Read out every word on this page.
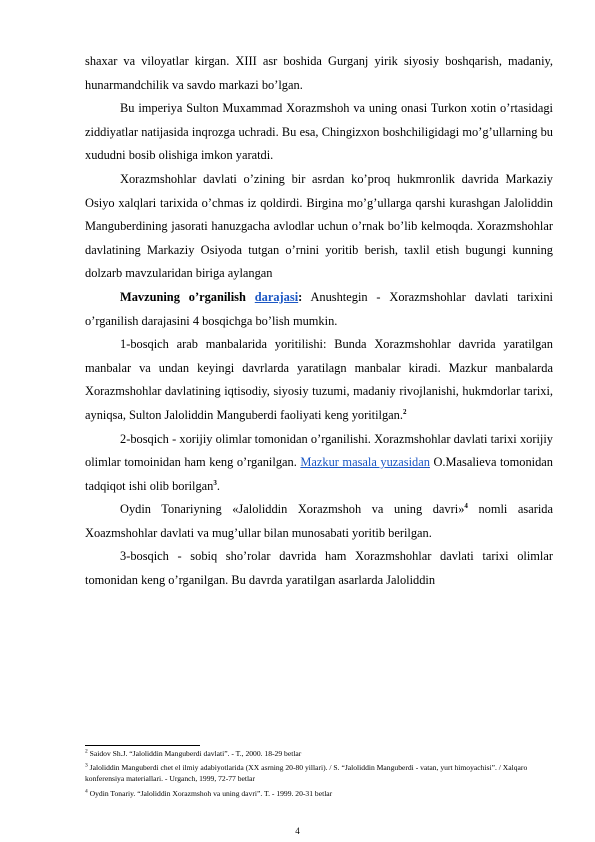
shaxar va viloyatlar kirgan. XIII asr boshida Gurganj yirik siyosiy boshqarish, madaniy, hunarmandchilik va savdo markazi bo’lgan.

Bu imperiya Sulton Muxammad Xorazmshoh va uning onasi Turkon xotin o’rtasidagi ziddiyatlar natijasida inqrozga uchradi. Bu esa, Chingizxon boshchiligidagi mo’g’ullarning bu xududni bosib olishiga imkon yaratdi.

Xorazmshohlar davlati o’zining bir asrdan ko’proq hukmronlik davrida Markaziy Osiyo xalqlari tarixida o’chmas iz qoldirdi. Birgina mo’g’ullarga qarshi kurashgan Jaloliddin Manguberdining jasorati hanuzgacha avlodlar uchun o’rnak bo’lib kelmoqda. Xorazmshohlar davlatining Markaziy Osiyoda tutgan o’rnini yoritib berish, taxlil etish bugungi kunning dolzarb mavzularidan biriga aylangan

Mavzuning o’rganilish darajasi: Anushtegin - Xorazmshohlar davlati tarixini o’rganilish darajasini 4 bosqichga bo’lish mumkin.

1-bosqich arab manbalarida yoritilishi: Bunda Xorazmshohlar davrida yaratilgan manbalar va undan keyingi davrlarda yaratilagn manbalar kiradi. Mazkur manbalarda Xorazmshohlar davlatining iqtisodiy, siyosiy tuzumi, madaniy rivojlanishi, hukmdorlar tarixi, ayniqsa, Sulton Jaloliddin Manguberdi faoliyati keng yoritilgan.$^2$

2-bosqich - xorijiy olimlar tomonidan o’rganilishi. Xorazmshohlar davlati tarixi xorijiy olimlar tomoinidan ham keng o’rganilgan. Mazkur masala yuzasidan O.Masalieva tomonidan tadqiqot ishi olib borilgan$^3$.

Oydin Tonariyning «Jaloliddin Xorazmshoh va uning davri»$^4$ nomli asarida Xoazmshohlar davlati va mug’ullar bilan munosabati yoritib berilgan.

3-bosqich - sobiq sho’rolar davrida ham Xorazmshohlar davlati tarixi olimlar tomonidan keng o’rganilgan. Bu davrda yaratilgan asarlarda Jaloliddin

$^2$ Saidov Sh.J. “Jaloliddin Manguberdi davlati”. - T., 2000. 18-29 betlar

$^3$ Jaloliddin Manguberdi chet el ilmiy adabiyotlarida (XX asrning 20-80 yillari). / S. “Jaloliddin Manguberdi - vatan, yurt himoyachisi”. / Xalqaro konferensiya materiallari. - Urganch, 1999, 72-77 betlar

$^4$ Oydin Tonariy. “Jaloliddin Xorazmshoh va uning davri”. T. - 1999. 20-31 betlar

4
